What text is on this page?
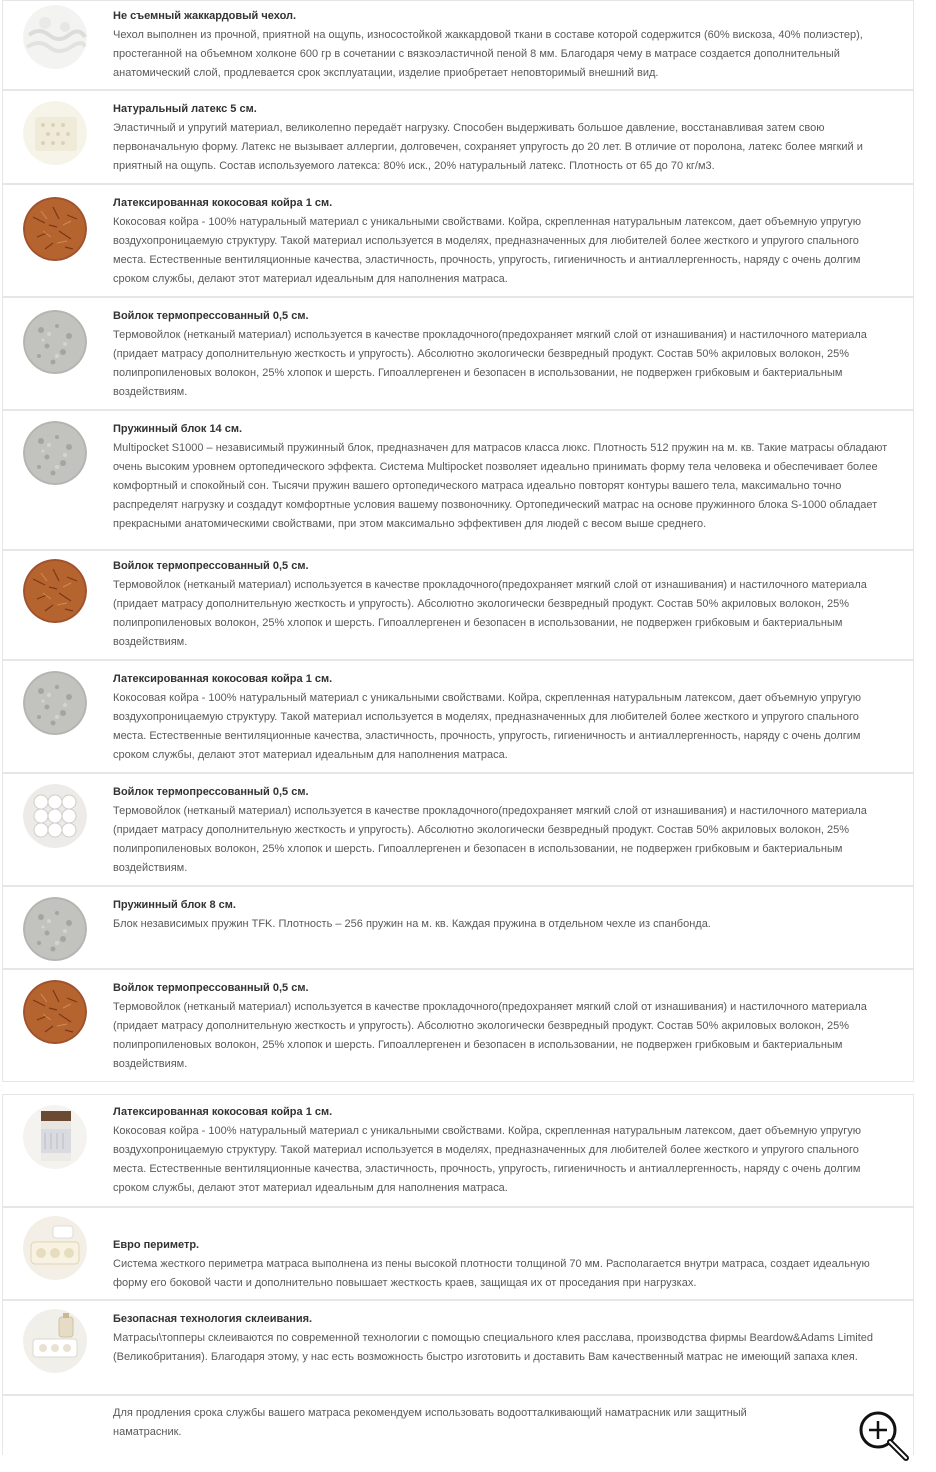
Не съемный жаккардовый чехол.
Чехол выполнен из прочной, приятной на ощупь, износостойкой жаккардовой ткани в составе которой содержится (60% вискоза, 40% полиэстер), простеганной на объемном холконе 600 гр в сочетании с вязкоэластичной пеной 8 мм. Благодаря чему в матрасе создается дополнительный анатомический слой, продлевается срок эксплуатации, изделие приобретает неповторимый внешний вид.
Натуральный латекс 5 см.
Эластичный и упругий материал, великолепно передаёт нагрузку. Способен выдерживать большое давление, восстанавливая затем свою первоначальную форму. Латекс не вызывает аллергии, долговечен, сохраняет упругость до 20 лет. В отличие от поролона, латекс более мягкий и приятный на ощупь. Состав используемого латекса: 80% иск., 20% натуральный латекс. Плотность от 65 до 70 кг/м3.
Латексированная кокосовая койра 1 см.
Кокосовая койра - 100% натуральный материал с уникальными свойствами. Койра, скрепленная натуральным латексом, дает объемную упругую воздухопроницаемую структуру. Такой материал используется в моделях, предназначенных для любителей более жесткого и упругого спального места. Естественные вентиляционные качества, эластичность, прочность, упругость, гигиеничность и антиаллергенность, наряду с очень долгим сроком службы, делают этот материал идеальным для наполнения матраса.
Войлок термопрессованный 0,5 см.
Термовойлок (нетканый материал) используется в качестве прокладочного(предохраняет мягкий слой от изнашивания) и настилочного материала (придает матрасу дополнительную жесткость и упругость). Абсолютно экологически безвредный продукт. Состав 50% акриловых волокон, 25% полипропиленовых волокон, 25% хлопок и шерсть. Гипоаллергенен и безопасен в использовании, не подвержен грибковым и бактериальным воздействиям.
Пружинный блок 14 см.
Multipocket S1000 – независимый пружинный блок, предназначен для матрасов класса люкс. Плотность 512 пружин на м. кв. Такие матрасы обладают очень высоким уровнем ортопедического эффекта. Система Multipocket позволяет идеально принимать форму тела человека и обеспечивает более комфортный и спокойный сон. Тысячи пружин вашего ортопедического матраса идеально повторят контуры вашего тела, максимально точно распределят нагрузку и создадут комфортные условия вашему позвоночнику. Ортопедический матрас на основе пружинного блока S-1000 обладает прекрасными анатомическими свойствами, при этом максимально эффективен для людей с весом выше среднего.
Войлок термопрессованный 0,5 см.
Термовойлок (нетканый материал) используется в качестве прокладочного(предохраняет мягкий слой от изнашивания) и настилочного материала (придает матрасу дополнительную жесткость и упругость). Абсолютно экологически безвредный продукт. Состав 50% акриловых волокон, 25% полипропиленовых волокон, 25% хлопок и шерсть. Гипоаллергенен и безопасен в использовании, не подвержен грибковым и бактериальным воздействиям.
Латексированная кокосовая койра 1 см.
Кокосовая койра - 100% натуральный материал с уникальными свойствами. Койра, скрепленная натуральным латексом, дает объемную упругую воздухопроницаемую структуру. Такой материал используется в моделях, предназначенных для любителей более жесткого и упругого спального места. Естественные вентиляционные качества, эластичность, прочность, упругость, гигиеничность и антиаллергенность, наряду с очень долгим сроком службы, делают этот материал идеальным для наполнения матраса.
Войлок термопрессованный 0,5 см.
Термовойлок (нетканый материал) используется в качестве прокладочного(предохраняет мягкий слой от изнашивания) и настилочного материала (придает матрасу дополнительную жесткость и упругость). Абсолютно экологически безвредный продукт. Состав 50% акриловых волокон, 25% полипропиленовых волокон, 25% хлопок и шерсть. Гипоаллергенен и безопасен в использовании, не подвержен грибковым и бактериальным воздействиям.
Пружинный блок 8 см.
Блок независимых пружин TFK. Плотность – 256 пружин на м. кв. Каждая пружина в отдельном чехле из спанбонда.
Войлок термопрессованный 0,5 см.
Термовойлок (нетканый материал) используется в качестве прокладочного(предохраняет мягкий слой от изнашивания) и настилочного материала (придает матрасу дополнительную жесткость и упругость). Абсолютно экологически безвредный продукт. Состав 50% акриловых волокон, 25% полипропиленовых волокон, 25% хлопок и шерсть. Гипоаллергенен и безопасен в использовании, не подвержен грибковым и бактериальным воздействиям.
Латексированная кокосовая койра 1 см.
Кокосовая койра - 100% натуральный материал с уникальными свойствами. Койра, скрепленная натуральным латексом, дает объемную упругую воздухопроницаемую структуру. Такой материал используется в моделях, предназначенных для любителей более жесткого и упругого спального места. Естественные вентиляционные качества, эластичность, прочность, упругость, гигиеничность и антиаллергенность, наряду с очень долгим сроком службы, делают этот материал идеальным для наполнения матраса.
Евро периметр.
Система жесткого периметра матраса выполнена из пены высокой плотности толщиной 70 мм. Располагается внутри матраса, создает идеальную форму его боковой части и дополнительно повышает жесткость краев, защищая их от проседания при нагрузках.
Безопасная технология склеивания.
Матрасы\топперы склеиваются по современной технологии с помощью специального клея расслава, производства фирмы Beardow&Adams Limited (Великобритания). Благодаря этому, у нас есть возможность быстро изготовить и доставить Вам качественный матрас не имеющий запаха клея.
Для продления срока службы вашего матраса рекомендуем использовать водоотталкивающий наматрасник или защитный наматрасник.
